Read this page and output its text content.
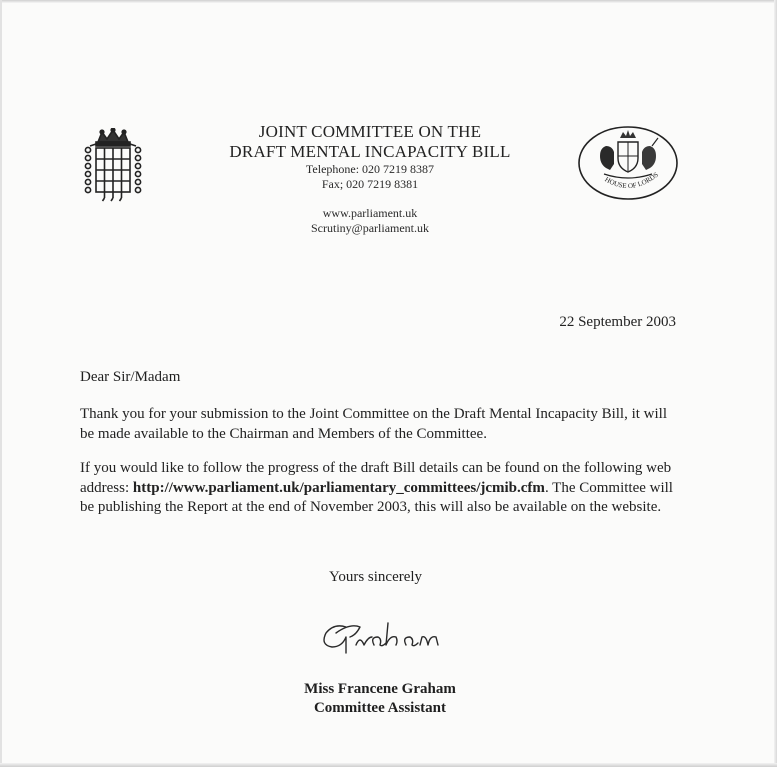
JOINT COMMITTEE ON THE
DRAFT MENTAL INCAPACITY BILL
Telephone: 020 7219 8387
Fax; 020 7219 8381
www.parliament.uk
Scrutiny@parliament.uk
HOUSE OF LORDS
22 September 2003
Dear Sir/Madam
Thank you for your submission to the Joint Committee on the Draft Mental Incapacity Bill, it will be made available to the Chairman and Members of the Committee.
If you would like to follow the progress of the draft Bill details can be found on the following web address: http://www.parliament.uk/parliamentary_committees/jcmib.cfm. The Committee will be publishing the Report at the end of November 2003, this will also be available on the website.
Yours sincerely
Miss Francene Graham
Committee Assistant
